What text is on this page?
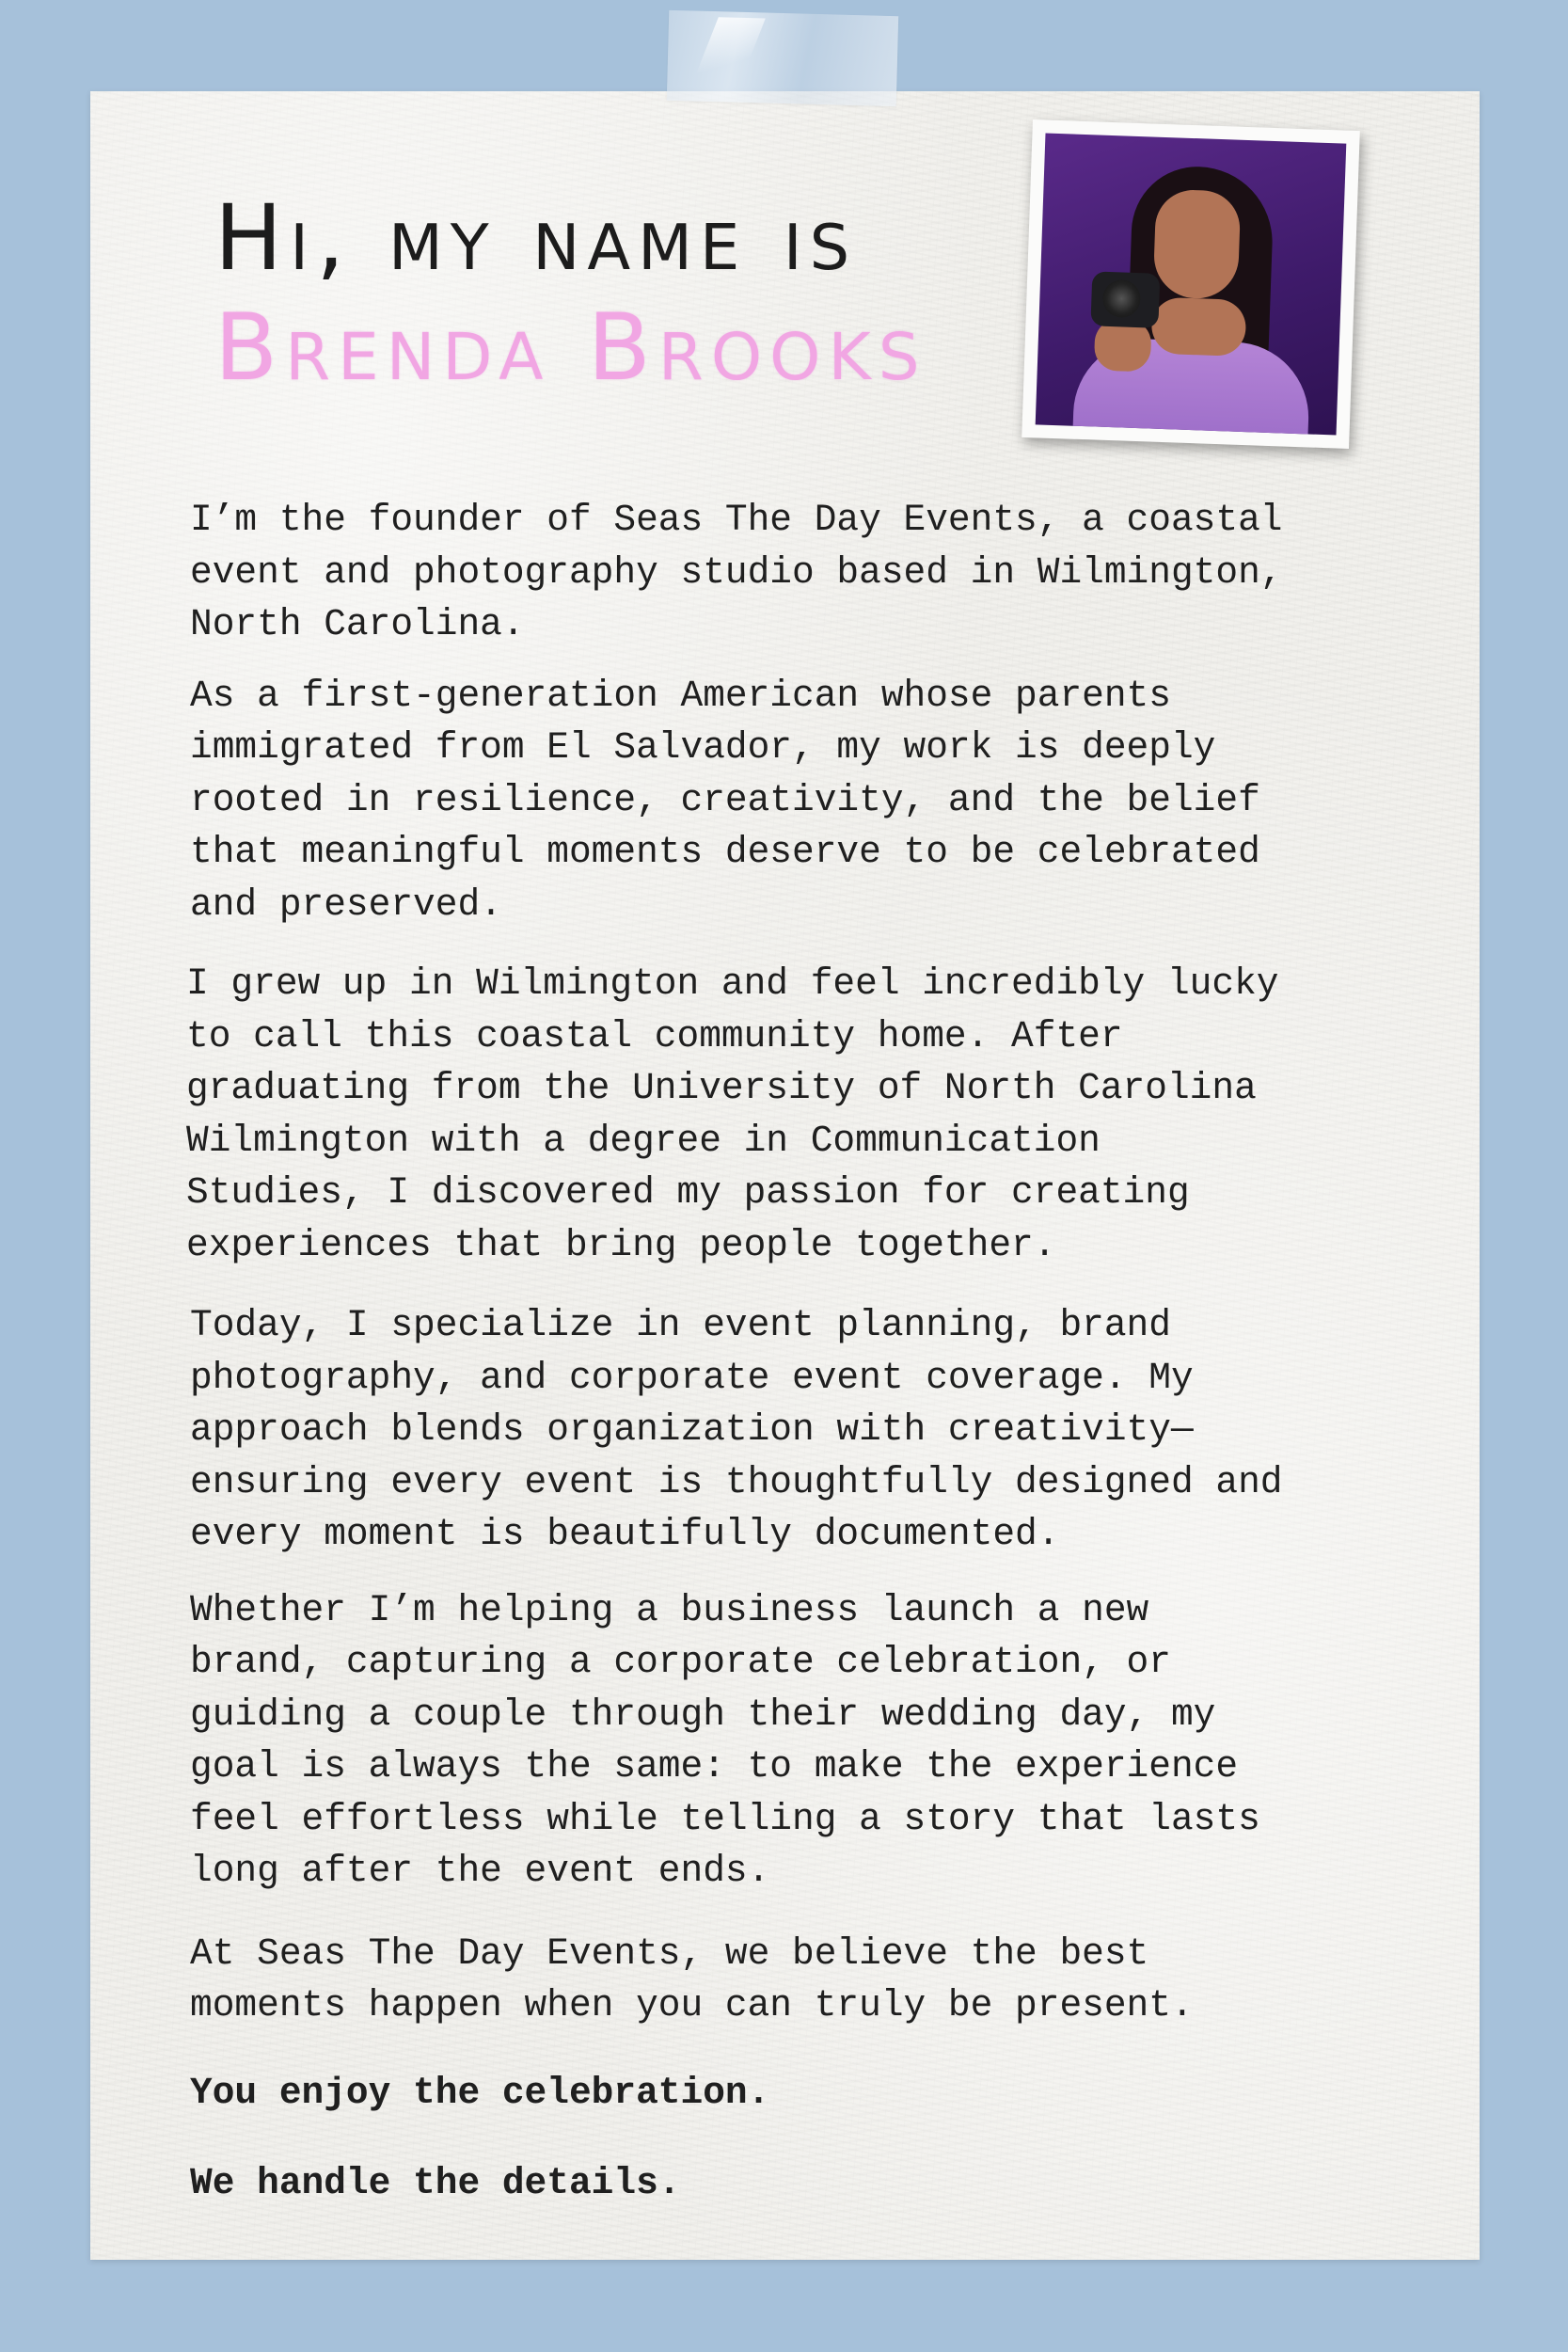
Hi, my name is
Brenda Brooks

I’m the founder of Seas The Day Events, a coastal
event and photography studio based in Wilmington,
North Carolina.

As a first-generation American whose parents
immigrated from El Salvador, my work is deeply
rooted in resilience, creativity, and the belief
that meaningful moments deserve to be celebrated
and preserved.

I grew up in Wilmington and feel incredibly lucky
to call this coastal community home. After
graduating from the University of North Carolina
Wilmington with a degree in Communication
Studies, I discovered my passion for creating
experiences that bring people together.

Today, I specialize in event planning, brand
photography, and corporate event coverage. My
approach blends organization with creativity—
ensuring every event is thoughtfully designed and
every moment is beautifully documented.

Whether I’m helping a business launch a new
brand, capturing a corporate celebration, or
guiding a couple through their wedding day, my
goal is always the same: to make the experience
feel effortless while telling a story that lasts
long after the event ends.

At Seas The Day Events, we believe the best
moments happen when you can truly be present.

You enjoy the celebration.

We handle the details.
